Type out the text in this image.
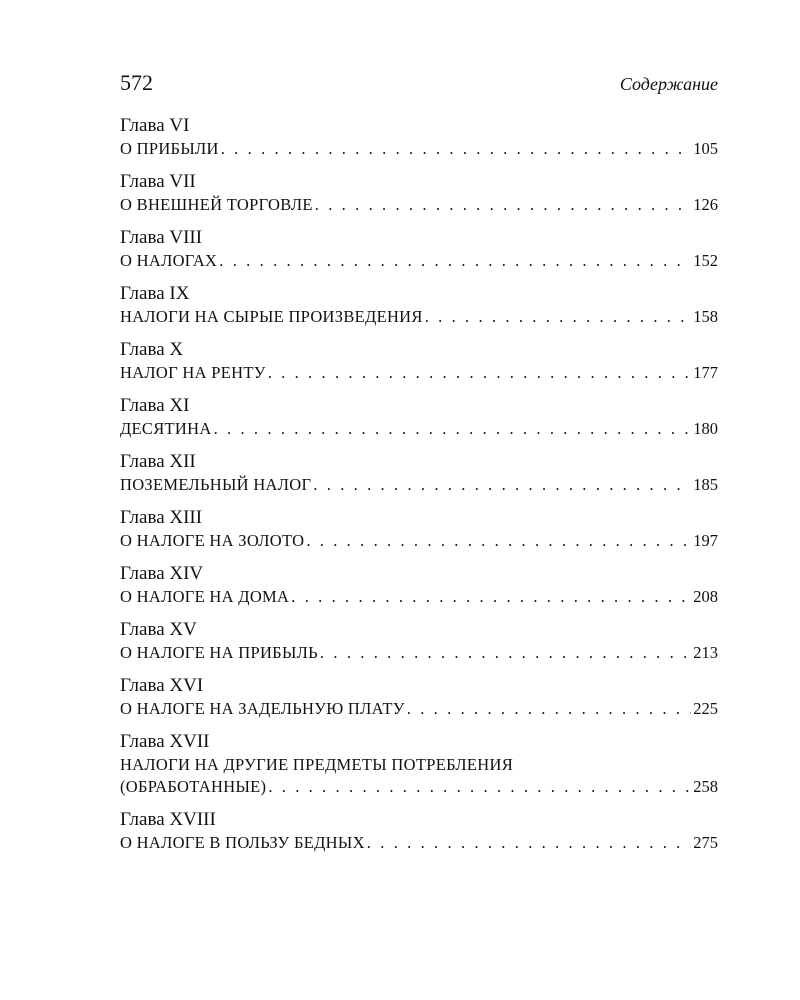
572	Содержание
Глава VI
О ПРИБЫЛИ . . .	105
Глава VII
О ВНЕШНЕЙ ТОРГОВЛЕ . . .	126
Глава VIII
О НАЛОГАХ . . .	152
Глава IX
НАЛОГИ НА СЫРЫЕ ПРОИЗВЕДЕНИЯ . . .	158
Глава X
НАЛОГ НА РЕНТУ . . .	177
Глава XI
ДЕСЯТИНА . . .	180
Глава XII
ПОЗЕМЕЛЬНЫЙ НАЛОГ . . .	185
Глава XIII
О НАЛОГЕ НА ЗОЛОТО . . .	197
Глава XIV
О НАЛОГЕ НА ДОМА . . .	208
Глава XV
О НАЛОГЕ НА ПРИБЫЛЬ . . .	213
Глава XVI
О НАЛОГЕ НА ЗАДЕЛЬНУЮ ПЛАТУ . . .	225
Глава XVII
НАЛОГИ НА ДРУГИЕ ПРЕДМЕТЫ ПОТРЕБЛЕНИЯ
(ОБРАБОТАННЫЕ) . . .	258
Глава XVIII
О НАЛОГЕ В ПОЛЬЗУ БЕДНЫХ . . .	275
